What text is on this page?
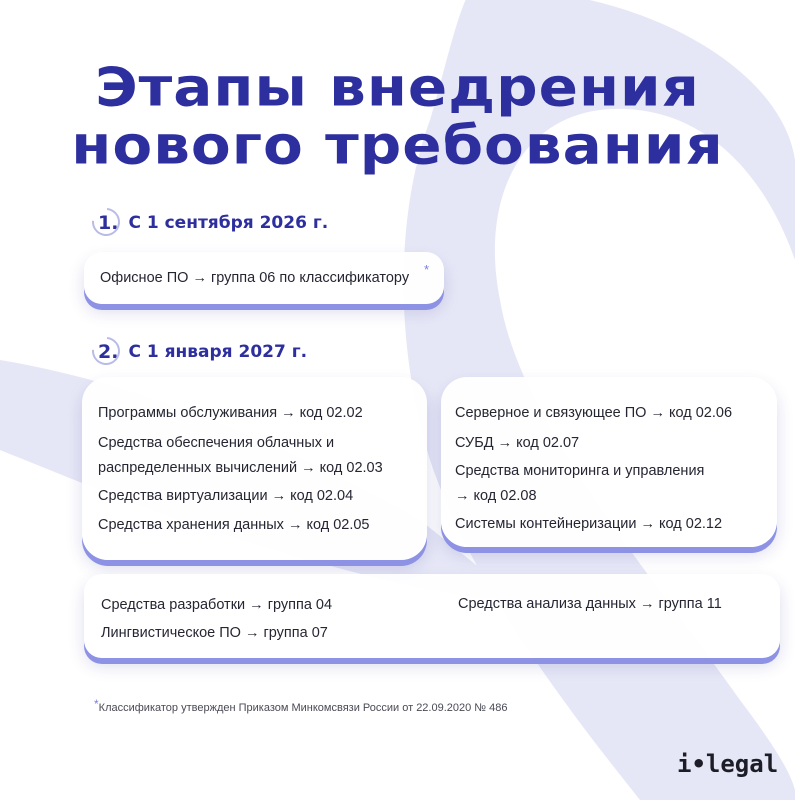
Этапы внедрения
нового требования
1. С 1 сентября 2026 г.
Офисное ПО → группа 06 по классификатору
*
2. С 1 января 2027 г.
Программы обслуживания → код 02.02
Средства обеспечения облачных и
распределенных вычислений → код 02.03
Средства виртуализации → код 02.04
Средства хранения данных → код 02.05
Серверное и связующее ПО → код 02.06
СУБД → код 02.07
Средства мониторинга и управления
→ код 02.08
Системы контейнеризации → код 02.12
Средства разработки → группа 04
Лингвистическое ПО → группа 07
Средства анализа данных → группа 11
*Классификатор утвержден Приказом Минкомсвязи России от 22.09.2020 № 486
i•legal
